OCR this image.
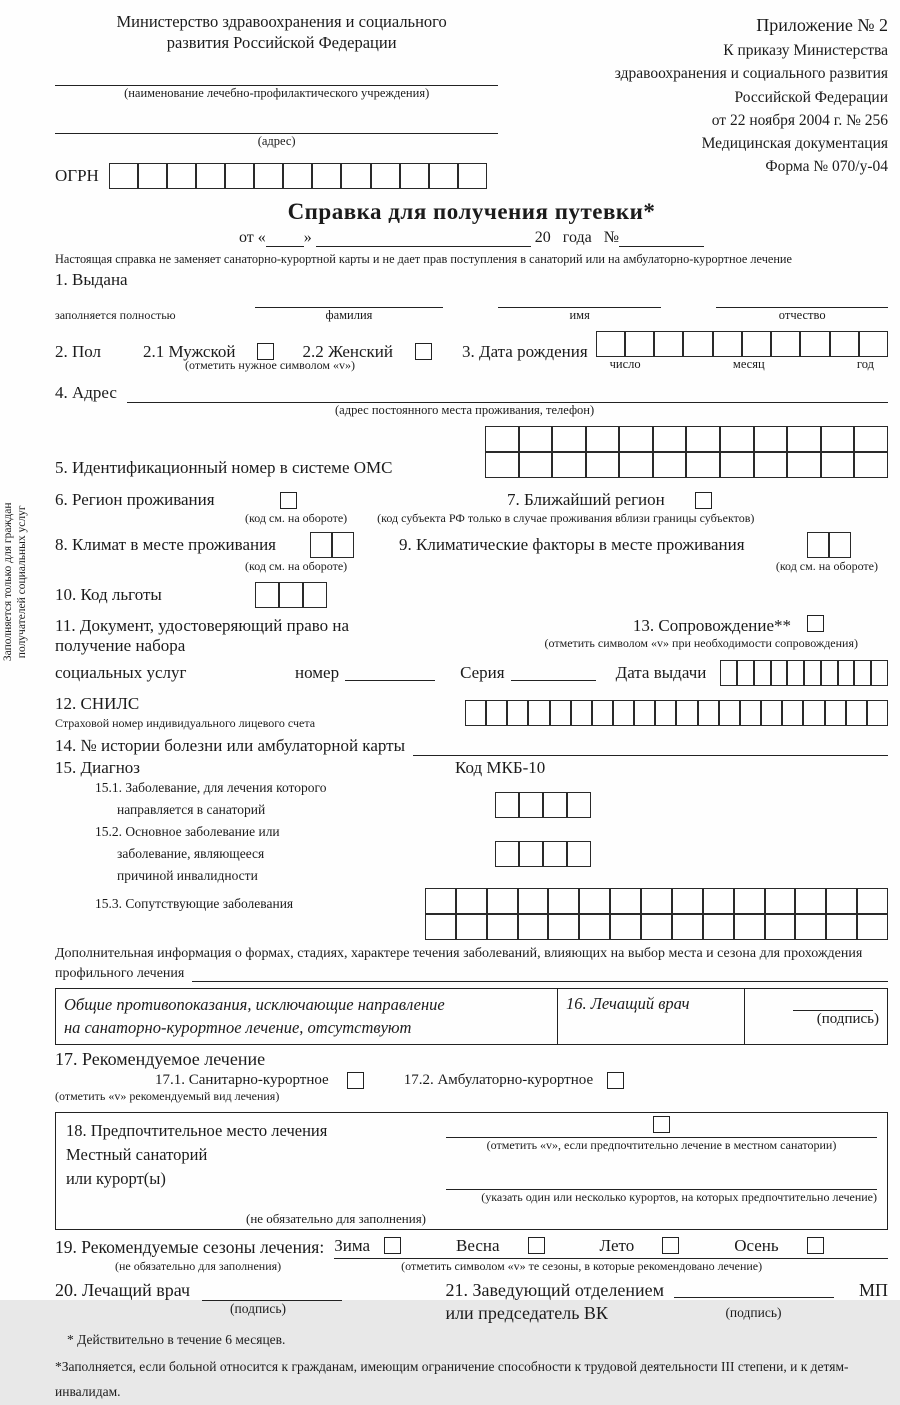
Заполняется только для граждан получателей социальных услуг
Министерство здравоохранения и социального развития Российской Федерации
(наименование лечебно-профилактического учреждения)
(адрес)
ОГРН
Приложение № 2
К приказу Министерства
здравоохранения и социального развития
Российской Федерации
от 22 ноября 2004 г. № 256
Медицинская документация
Форма № 070/у-04
Справка для получения путевки*
от « »	20 года №
Настоящая справка не заменяет санаторно-курортной карты и не дает прав поступления в санаторий или на амбулаторно-курортное лечение
1. Выдана
заполняется полностью	фамилия	имя	отчество
2. Пол	2.1 Мужской	2.2 Женский	3. Дата рождения
число	месяц	год
(отметить нужное символом «v»)
4. Адрес
(адрес постоянного места проживания, телефон)
5. Идентификационный номер в системе ОМС
6. Регион проживания	7. Ближайший регион
(код см. на обороте)	(код субъекта РФ только в случае проживания вблизи границы субъектов)
8. Климат в месте проживания	9. Климатические факторы в месте проживания
(код см. на обороте)	(код см. на обороте)
10. Код льготы
11. Документ, удостоверяющий право на	13. Сопровождение**
получение набора	(отметить символом «v» при необходимости сопровождения)
социальных услуг	номер	Серия	Дата выдачи
12. СНИЛС
Страховой номер индивидуального лицевого счета
14. № истории болезни или амбулаторной карты
15. Диагноз	Код МКБ-10
15.1. Заболевание, для лечения которого
направляется в санаторий
15.2. Основное заболевание или
заболевание, являющееся
причиной инвалидности
15.3. Сопутствующие заболевания
Дополнительная информация о формах, стадиях, характере течения заболеваний, влияющих на выбор места и сезона для прохождения
профильного лечения
Общие противопоказания, исключающие направление
на санаторно-курортное лечение, отсутствуют
16. Лечащий врач
(подпись)
17. Рекомендуемое лечение
17.1. Санитарно-курортное	17.2. Амбулаторно-курортное
(отметить «v» рекомендуемый вид лечения)
18. Предпочтительное место лечения
Местный санаторий
или курорт(ы)
(отметить «v», если предпочтительно лечение в местном санатории)
(указать один или несколько курортов, на которых предпочтительно лечение)
(не обязательно для заполнения)
19. Рекомендуемые сезоны лечения: Зима	Весна	Лето	Осень
(не обязательно для заполнения)	(отметить символом «v» те сезоны, в которые рекомендовано лечение)
20. Лечащий врач
(подпись)
21. Заведующий отделением	МП
или председатель ВК	(подпись)
* Действительно в течение 6 месяцев.
*Заполняется, если больной относится к гражданам, имеющим ограничение способности к трудовой деятельности III степени, и к детям-инвалидам.
